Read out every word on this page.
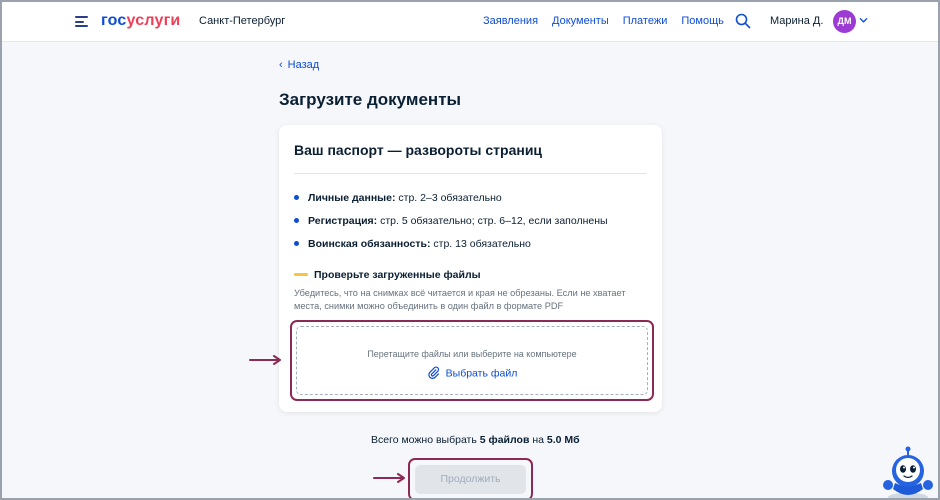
госуслуги Санкт-Петербург	Заявления Документы Платежи Помощь	Марина Д.	ДМ
‹ Назад
Загрузите документы
Ваш паспорт — развороты страниц
Личные данные: стр. 2–3 обязательно
Регистрация: стр. 5 обязательно; стр. 6–12, если заполнены
Воинская обязанность: стр. 13 обязательно
Проверьте загруженные файлы
Убедитесь, что на снимках всё читается и края не обрезаны. Если не хватает места, снимки можно объединить в один файл в формате PDF
Перетащите файлы или выберите на компьютере
Выбрать файл
Всего можно выбрать 5 файлов на 5.0 Мб
Продолжить
